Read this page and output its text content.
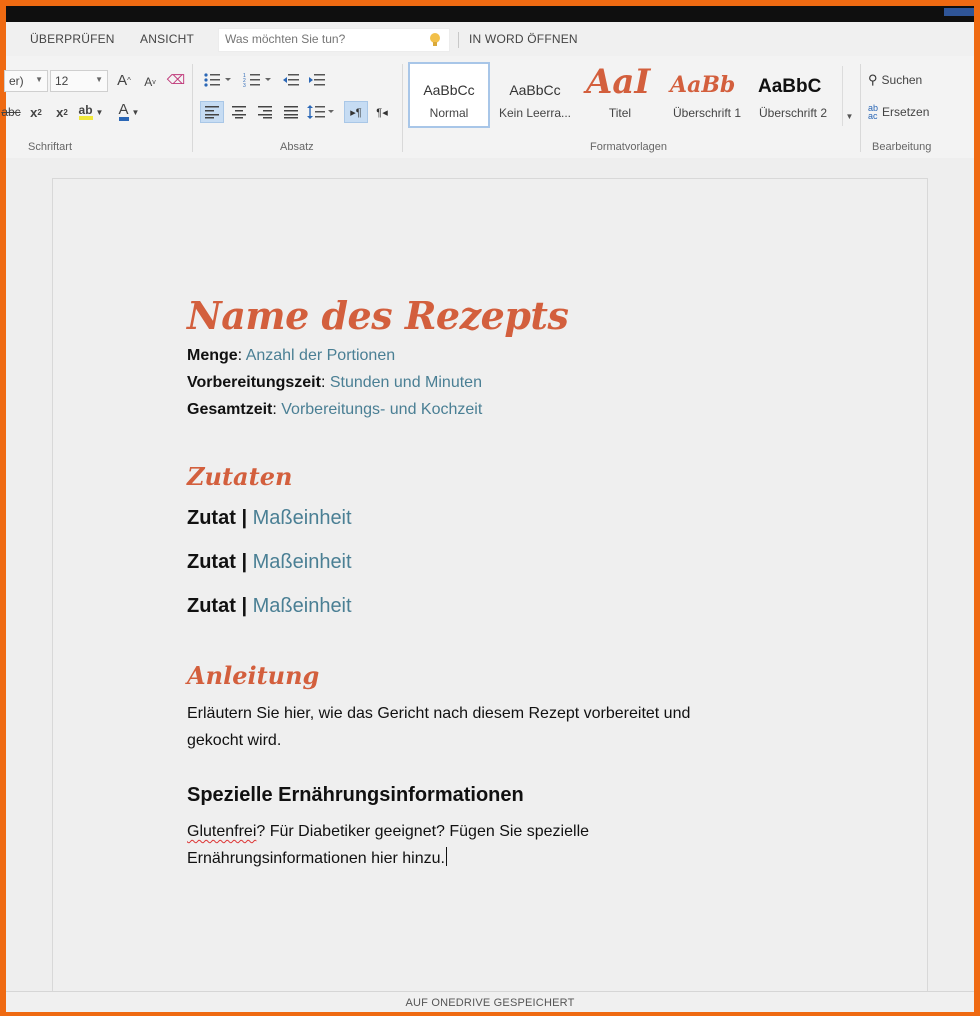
ÜBERPRÜFEN ANSICHT
Was möchten Sie tun?	IN WORD ÖFFNEN
er) ▼ 12	▼ A ^	A v ⌫
abc x 2	x 2 ab ▼ A ▼
Schriftart
1
2
3
▸¶	¶◂
Absatz
AaBbCc
Normal
AaBbCc
Kein Leerra...
AaI
Titel
AaBb
Überschrift 1
AaBbC
Überschrift 2	▼
Formatvorlagen
⚲ Suchen
ab
ac Ersetzen
Bearbeitung
Name des Rezepts
Menge: Anzahl der Portionen
Vorbereitungszeit: Stunden und Minuten
Gesamtzeit: Vorbereitungs- und Kochzeit
Zutaten
Zutat | Maßeinheit
Zutat | Maßeinheit
Zutat | Maßeinheit
Anleitung
Erläutern Sie hier, wie das Gericht nach diesem Rezept vorbereitet und
gekocht wird.
Spezielle Ernährungsinformationen
Glutenfrei? Für Diabetiker geeignet? Fügen Sie spezielle
Ernährungsinformationen hier hinzu.
AUF ONEDRIVE GESPEICHERT
